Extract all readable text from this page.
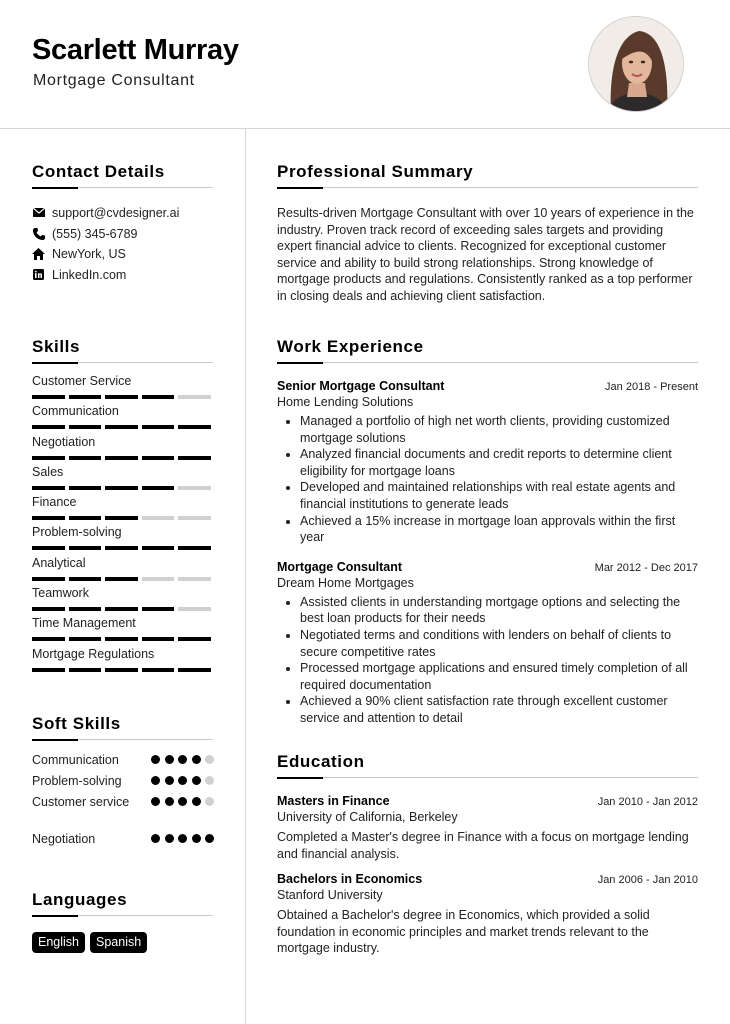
Scarlett Murray
Mortgage Consultant
Contact Details
support@cvdesigner.ai
(555) 345-6789
NewYork, US
LinkedIn.com
Skills
Customer Service
Communication
Negotiation
Sales
Finance
Problem-solving
Analytical
Teamwork
Time Management
Mortgage Regulations
Soft Skills
Communication
Problem-solving
Customer service
Negotiation
Languages
English	Spanish
Professional Summary
Results-driven Mortgage Consultant with over 10 years of experience in the industry. Proven track record of exceeding sales targets and providing expert financial advice to clients. Recognized for exceptional customer service and ability to build strong relationships. Strong knowledge of mortgage products and regulations. Consistently ranked as a top performer in closing deals and achieving client satisfaction.
Work Experience
Senior Mortgage Consultant	Jan 2018 - Present
Home Lending Solutions
• Managed a portfolio of high net worth clients, providing customized mortgage solutions
• Analyzed financial documents and credit reports to determine client eligibility for mortgage loans
• Developed and maintained relationships with real estate agents and financial institutions to generate leads
• Achieved a 15% increase in mortgage loan approvals within the first year
Mortgage Consultant	Mar 2012 - Dec 2017
Dream Home Mortgages
• Assisted clients in understanding mortgage options and selecting the best loan products for their needs
• Negotiated terms and conditions with lenders on behalf of clients to secure competitive rates
• Processed mortgage applications and ensured timely completion of all required documentation
• Achieved a 90% client satisfaction rate through excellent customer service and attention to detail
Education
Masters in Finance	Jan 2010 - Jan 2012
University of California, Berkeley
Completed a Master's degree in Finance with a focus on mortgage lending and financial analysis.
Bachelors in Economics	Jan 2006 - Jan 2010
Stanford University
Obtained a Bachelor's degree in Economics, which provided a solid foundation in economic principles and market trends relevant to the mortgage industry.
